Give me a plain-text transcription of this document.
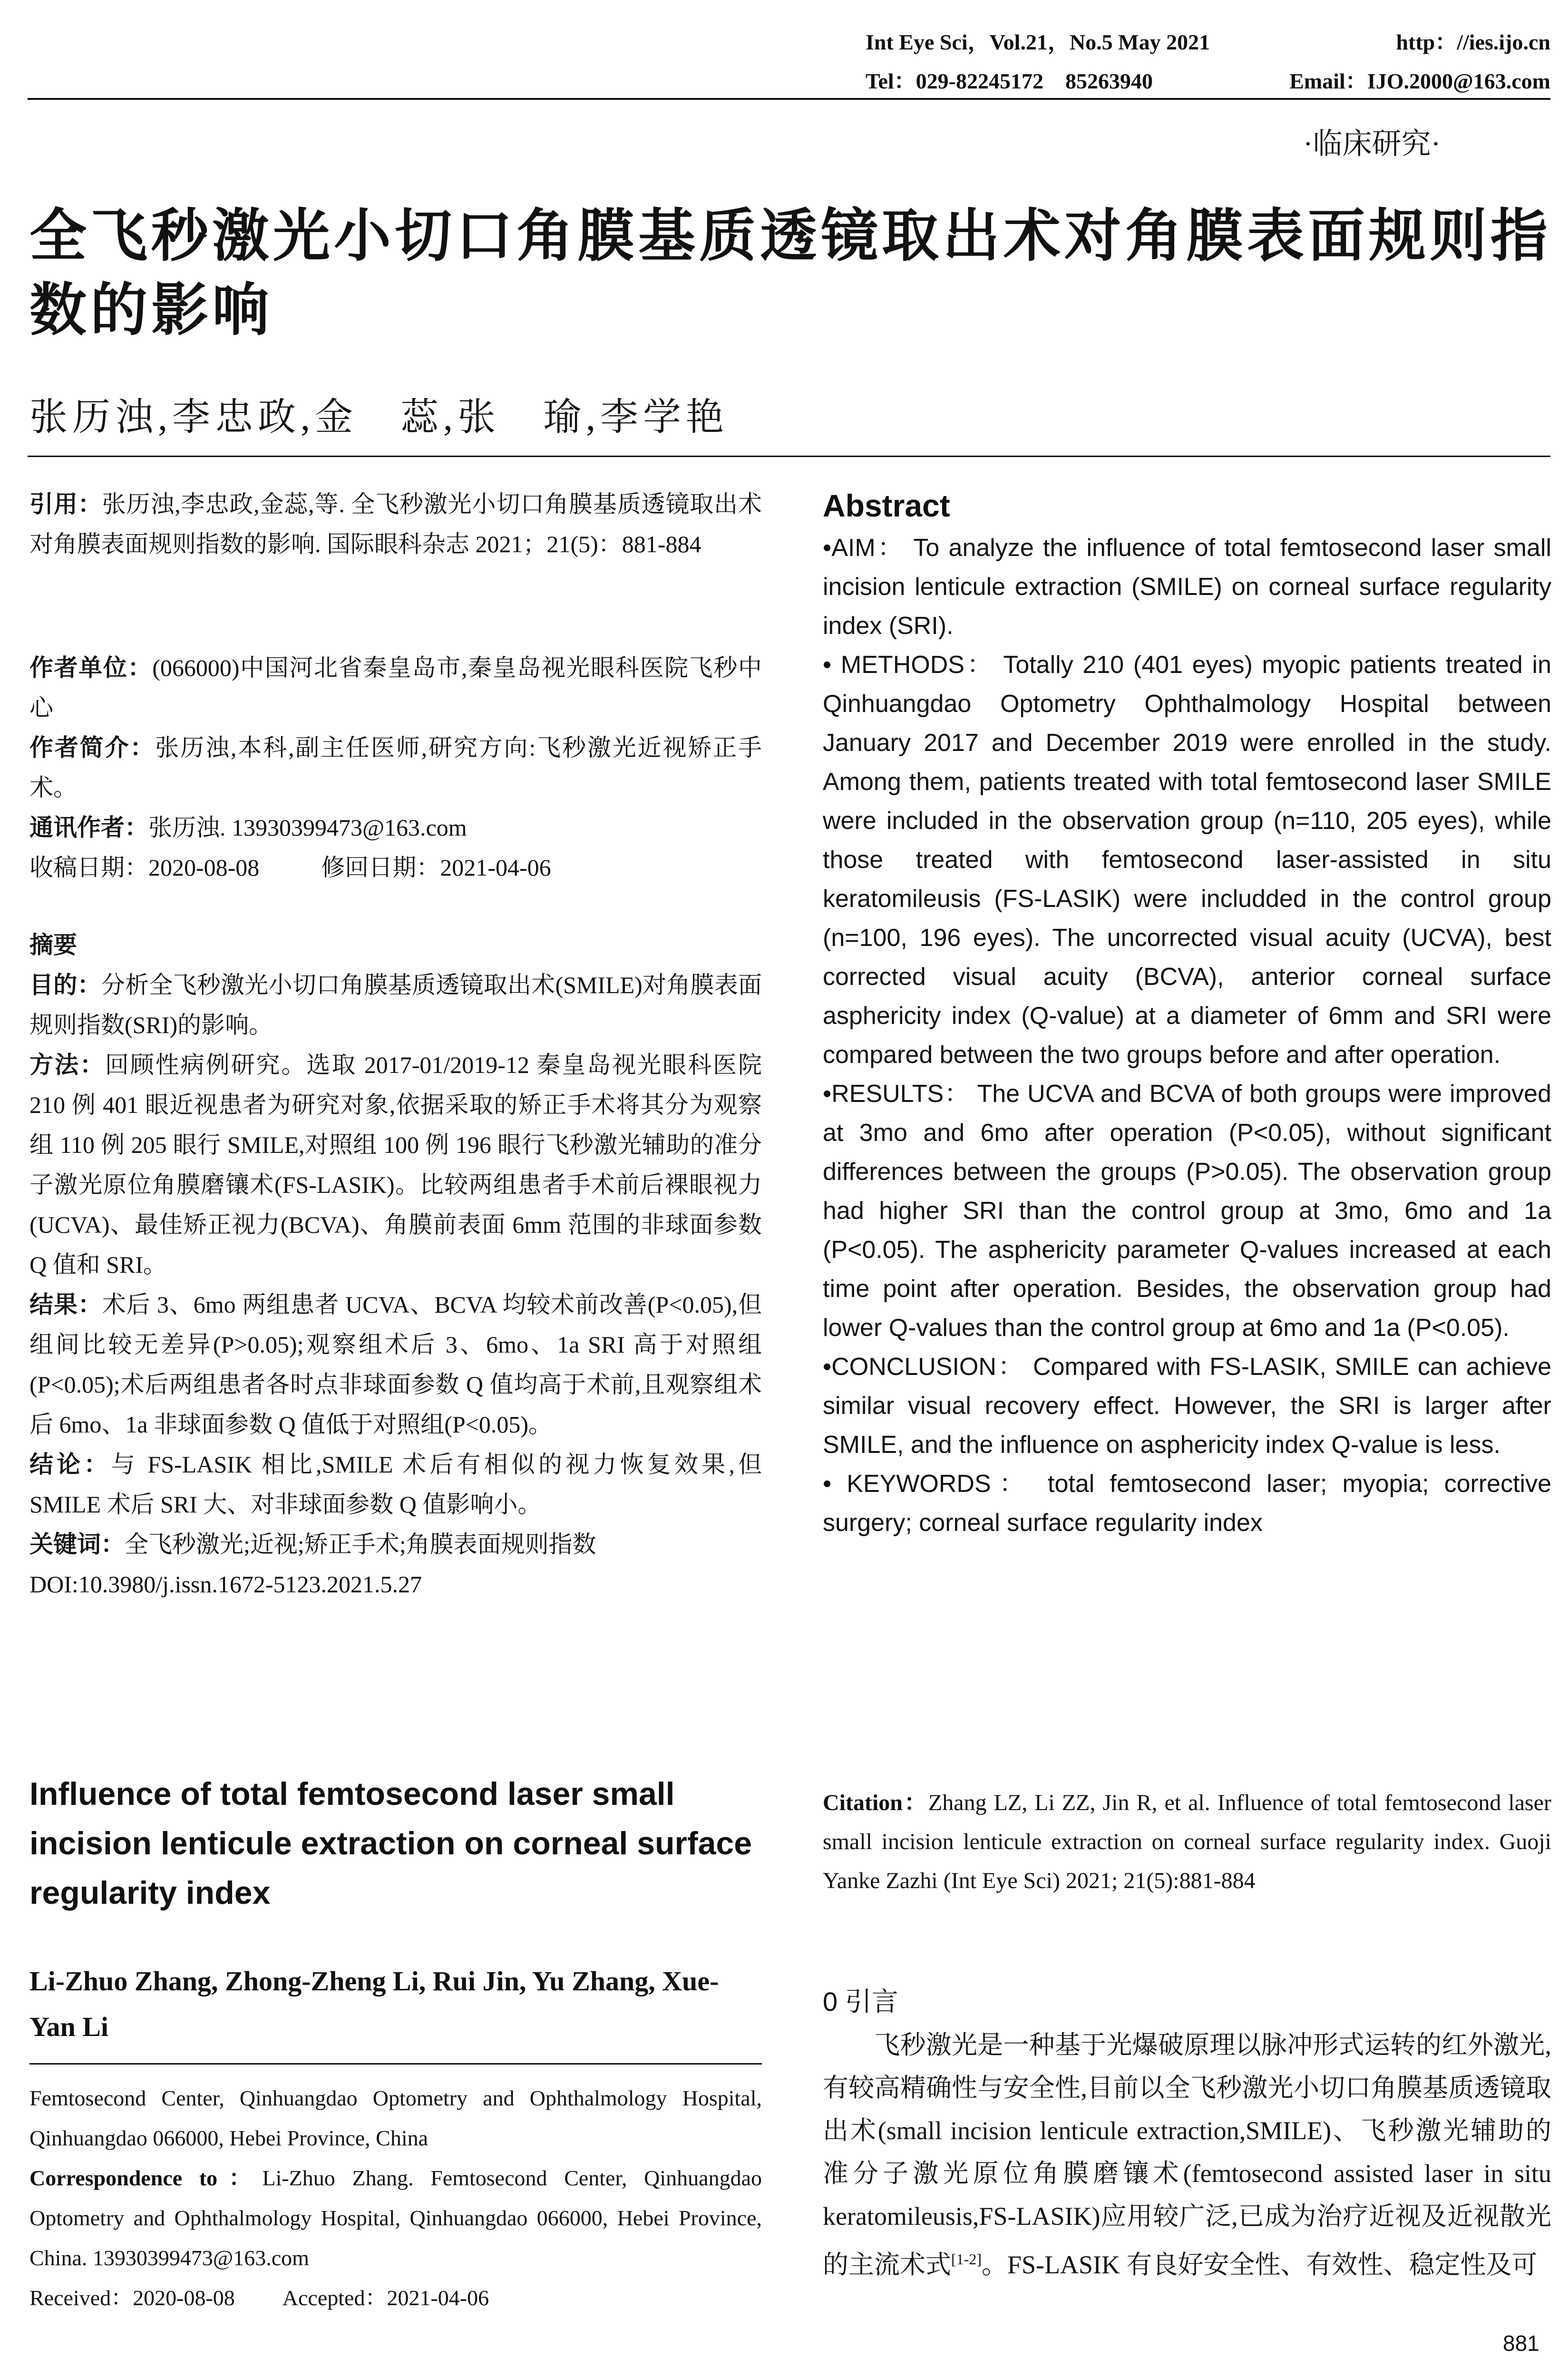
Int Eye Sci，Vol.21，No.5 May 2021	http：//ies.ijo.cn
Tel：029-82245172　85263940	Email：IJO.2000@163.com
·临床研究·
全飞秒激光小切口角膜基质透镜取出术对角膜表面规则指数的影响
张历浊,李忠政,金　蕊,张　瑜,李学艳
引用：张历浊,李忠政,金蕊,等. 全飞秒激光小切口角膜基质透镜取出术对角膜表面规则指数的影响. 国际眼科杂志 2021；21(5)：881-884
作者单位：(066000)中国河北省秦皇岛市,秦皇岛视光眼科医院飞秒中心
作者简介：张历浊,本科,副主任医师,研究方向:飞秒激光近视矫正手术。
通讯作者：张历浊. 13930399473@163.com
收稿日期：2020-08-08	修回日期：2021-04-06
摘要
目的：分析全飞秒激光小切口角膜基质透镜取出术(SMILE)对角膜表面规则指数(SRI)的影响。
方法：回顾性病例研究。选取 2017-01/2019-12 秦皇岛视光眼科医院 210 例 401 眼近视患者为研究对象,依据采取的矫正手术将其分为观察组 110 例 205 眼行 SMILE,对照组 100 例 196 眼行飞秒激光辅助的准分子激光原位角膜磨镶术(FS-LASIK)。比较两组患者手术前后裸眼视力(UCVA)、最佳矫正视力(BCVA)、角膜前表面 6mm 范围的非球面参数 Q 值和 SRI。
结果：术后 3、6mo 两组患者 UCVA、BCVA 均较术前改善(P<0.05),但组间比较无差异(P>0.05);观察组术后 3、6mo、1a SRI 高于对照组(P<0.05);术后两组患者各时点非球面参数 Q 值均高于术前,且观察组术后 6mo、1a 非球面参数 Q 值低于对照组(P<0.05)。
结论：与 FS-LASIK 相比,SMILE 术后有相似的视力恢复效果,但 SMILE 术后 SRI 大、对非球面参数 Q 值影响小。
关键词：全飞秒激光;近视;矫正手术;角膜表面规则指数
DOI:10.3980/j.issn.1672-5123.2021.5.27
Influence of total femtosecond laser small incision lenticule extraction on corneal surface regularity index
Li-Zhuo Zhang, Zhong-Zheng Li, Rui Jin, Yu Zhang, Xue-Yan Li
Femtosecond Center, Qinhuangdao Optometry and Ophthalmology Hospital, Qinhuangdao 066000, Hebei Province, China
Correspondence to：Li-Zhuo Zhang. Femtosecond Center, Qinhuangdao Optometry and Ophthalmology Hospital, Qinhuangdao 066000, Hebei Province, China. 13930399473@163.com
Received：2020-08-08 Accepted：2021-04-06
Abstract
•AIM： To analyze the influence of total femtosecond laser small incision lenticule extraction (SMILE) on corneal surface regularity index (SRI).
• METHODS： Totally 210 (401 eyes) myopic patients treated in Qinhuangdao Optometry Ophthalmology Hospital between January 2017 and December 2019 were enrolled in the study. Among them, patients treated with total femtosecond laser SMILE were included in the observation group (n=110, 205 eyes), while those treated with femtosecond laser-assisted in situ keratomileusis (FS-LASIK) were includded in the control group (n=100, 196 eyes). The uncorrected visual acuity (UCVA), best corrected visual acuity (BCVA), anterior corneal surface asphericity index (Q-value) at a diameter of 6mm and SRI were compared between the two groups before and after operation.
•RESULTS： The UCVA and BCVA of both groups were improved at 3mo and 6mo after operation (P<0.05), without significant differences between the groups (P>0.05). The observation group had higher SRI than the control group at 3mo, 6mo and 1a (P<0.05). The asphericity parameter Q-values increased at each time point after operation. Besides, the observation group had lower Q-values than the control group at 6mo and 1a (P<0.05).
•CONCLUSION： Compared with FS-LASIK, SMILE can achieve similar visual recovery effect. However, the SRI is larger after SMILE, and the influence on asphericity index Q-value is less.
• KEYWORDS： total femtosecond laser; myopia; corrective surgery; corneal surface regularity index
Citation：Zhang LZ, Li ZZ, Jin R, et al. Influence of total femtosecond laser small incision lenticule extraction on corneal surface regularity index. Guoji Yanke Zazhi (Int Eye Sci) 2021; 21(5):881-884
0 引言
飞秒激光是一种基于光爆破原理以脉冲形式运转的红外激光,有较高精确性与安全性,目前以全飞秒激光小切口角膜基质透镜取出术(small incision lenticule extraction,SMILE)、飞秒激光辅助的准分子激光原位角膜磨镶术(femtosecond assisted laser in situ keratomileusis,FS-LASIK)应用较广泛,已成为治疗近视及近视散光的主流术式[1-2]。FS-LASIK 有良好安全性、有效性、稳定性及可
881
